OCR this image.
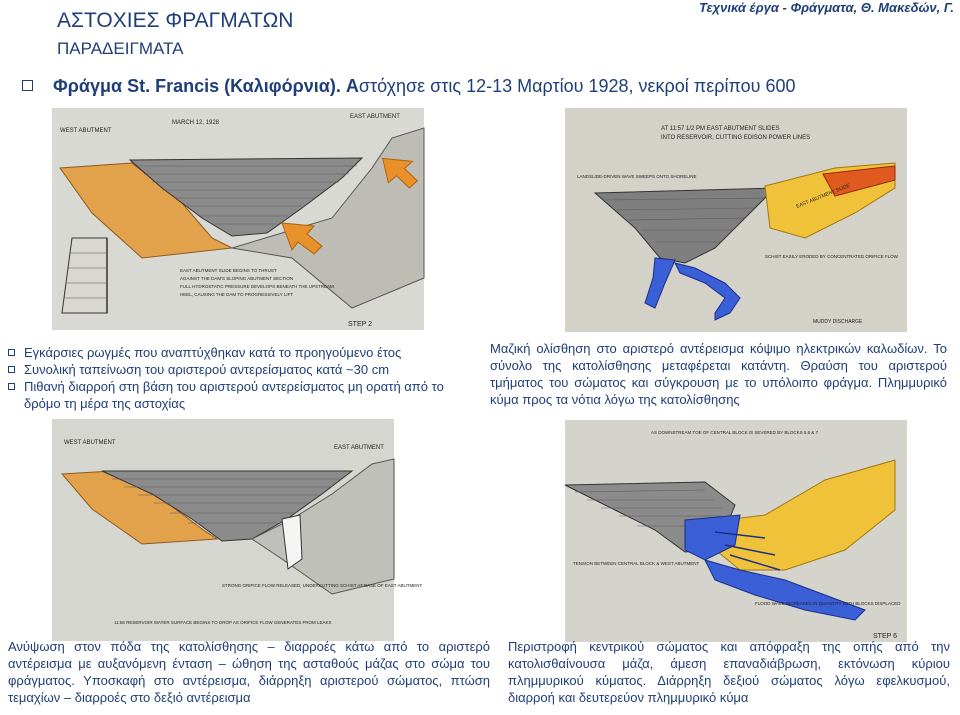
ΑΣΤΟΧΙΕΣ ΦΡΑΓΜΑΤΩΝ
ΠΑΡΑΔΕΙΓΜΑΤΑ
Τεχνικά έργα - Φράγματα, Θ. Μακεδών, Γ.
Φράγμα St. Francis (Καλιφόρνια). Αστόχησε στις 12-13 Μαρτίου 1928, νεκροί περίπου 600
WEST ABUTMENT
MARCH 12, 1928
EAST ABUTMENT
EAST ABUTMENT SLIDE BEGINS TO THRUST
AGAINST THE DAM'S SLOPING ABUTMENT SECTION
FULL HYDROSTATIC PRESSURE DEVELOPS BENEATH THE UPSTREAM
HEEL, CAUSING THE DAM TO PROGRESSIVELY LIFT
STEP 2
AT 11:57 1/2 PM EAST ABUTMENT SLIDES
INTO RESERVOIR, CUTTING EDISON POWER LINES
LANDSLIDE-DRIVEN WAVE SWEEPS ONTO SHORELINE
SCHIST EASILY ERODED BY CONCENTRATED ORIFICE FLOW
MUDDY DISCHARGE
EAST ABUTMENT SLIDE
Εγκάρσιες ρωγμές που αναπτύχθηκαν κατά το προηγούμενο έτος
Συνολική ταπείνωση του αριστερού αντερείσματος κατά ~30 cm
Πιθανή διαρροή στη βάση του αριστερού αντερείσματος μη ορατή από το δρόμο τη μέρα της αστοχίας
Μαζική ολίσθηση στο αριστερό αντέρεισμα κόψιμο ηλεκτρικών καλωδίων. Το σύνολο της κατολίσθησης μεταφέρεται κατάντη. Θραύση του αριστερού τμήματος του σώματος και σύγκρουση με το υπόλοιπο φράγμα. Πλημμυρικό κύμα προς τα νότια λόγω της κατολίσθησης
WEST ABUTMENT
EAST ABUTMENT
STRONG ORIFICE FLOW RELEASED, UNDERCUTTING SCHIST AT BASE OF EAST ABUTMENT
11:56 RESERVOIR WATER SURFACE BEGINS TO DROP AS ORIFICE FLOW GENERATES FROM LEAKS
AS DOWNSTREAM TOE OF CENTRAL BLOCK IS SEVERED BY BLOCKS 5,6 & 7
TENSION BETWEEN CENTRAL BLOCK & WEST ABUTMENT
FLOOD WAVE INCREASES IN QUANTITY WITH BLOCKS DISPLACED
STEP 6
Ανύψωση στον πόδα της κατολίσθησης – διαρροές κάτω από το αριστερό αντέρεισμα με αυξανόμενη ένταση – ώθηση της ασταθούς μάζας στο σώμα του φράγματος. Υποσκαφή στο αντέρεισμα, διάρρηξη αριστερού σώματος, πτώση τεμαχίων – διαρροές στο δεξιό αντέρεισμα
Περιστροφή κεντρικού σώματος και απόφραξη της οπής από την κατολισθαίνουσα μάζα, άμεση επαναδιάβρωση, εκτόνωση κύριου πλημμυρικού κύματος. Διάρρηξη δεξιού σώματος λόγω εφελκυσμού, διαρροή και δευτερεύον πλημμυρικό κύμα
